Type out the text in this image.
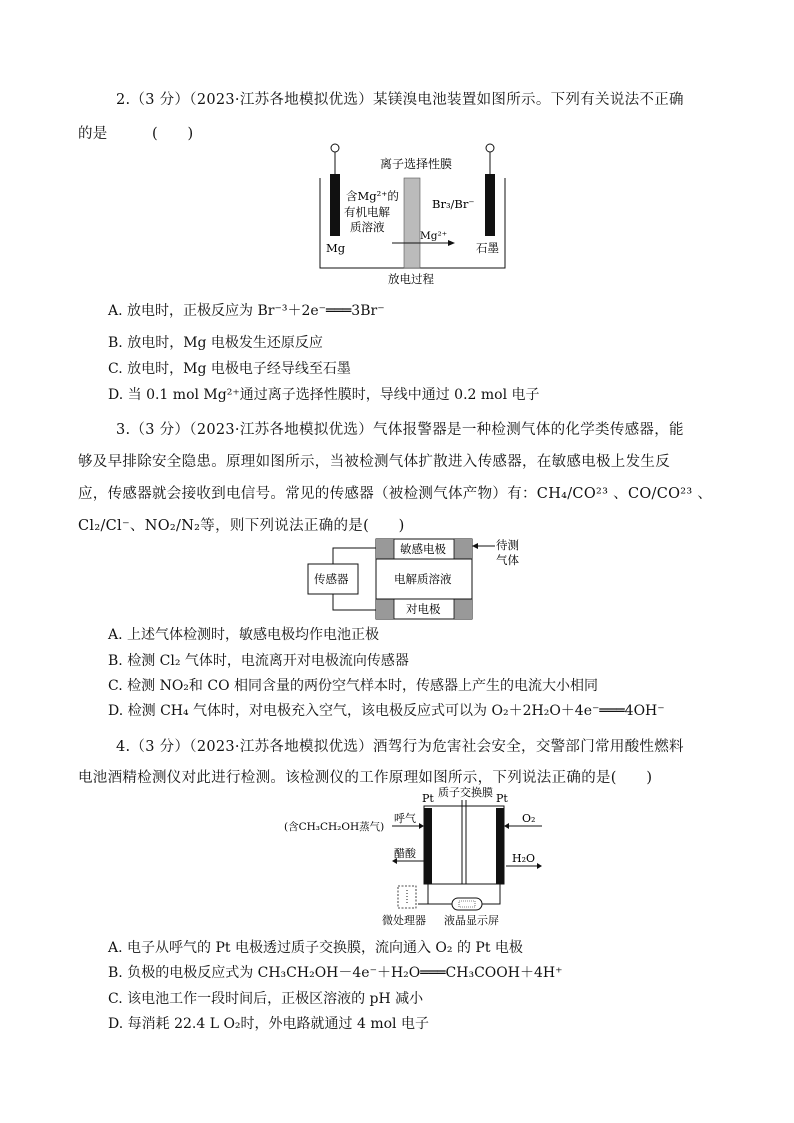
2.（3 分）（2023·江苏各地模拟优选）某镁溴电池装置如图所示。下列有关说法不正确
的是　　　(　　)
离子选择性膜
含Mg²⁺的
有机电解
质溶液
Br₃/Br⁻
Mg²⁺
Mg	石墨
放电过程
A. 放电时，正极反应为 Br⁻³＋2e⁻═══3Br⁻
B. 放电时，Mg 电极发生还原反应
C. 放电时，Mg 电极电子经导线至石墨
D. 当 0.1 mol Mg²⁺通过离子选择性膜时，导线中通过 0.2 mol 电子
3.（3 分）（2023·江苏各地模拟优选）气体报警器是一种检测气体的化学类传感器，能
够及早排除安全隐患。原理如图所示，当被检测气体扩散进入传感器，在敏感电极上发生反
应，传感器就会接收到电信号。常见的传感器（被检测气体产物）有：CH₄/CO²³ 、CO/CO²³ 、
Cl₂/Cl⁻、NO₂/N₂等，则下列说法正确的是(　　)
传感器
敏感电极
电解质溶液
对电极
待测
气体
A. 上述气体检测时，敏感电极均作电池正极
B. 检测 Cl₂ 气体时，电流离开对电极流向传感器
C. 检测 NO₂和 CO 相同含量的两份空气样本时，传感器上产生的电流大小相同
D. 检测 CH₄ 气体时，对电极充入空气，该电极反应式可以为 O₂＋2H₂O＋4e⁻═══4OH⁻
4.（3 分）（2023·江苏各地模拟优选）酒驾行为危害社会安全，交警部门常用酸性燃料
电池酒精检测仪对此进行检测。该检测仪的工作原理如图所示，下列说法正确的是(　　)
Pt	Pt
质子交换膜
(含CH₃CH₂OH蒸气)
呼气
醋酸
O₂
H₂O
微处理器 液晶显示屏
A. 电子从呼气的 Pt 电极透过质子交换膜，流向通入 O₂ 的 Pt 电极
B. 负极的电极反应式为 CH₃CH₂OH－4e⁻＋H₂O═══CH₃COOH＋4H⁺
C. 该电池工作一段时间后，正极区溶液的 pH 减小
D. 每消耗 22.4 L O₂时，外电路就通过 4 mol 电子
